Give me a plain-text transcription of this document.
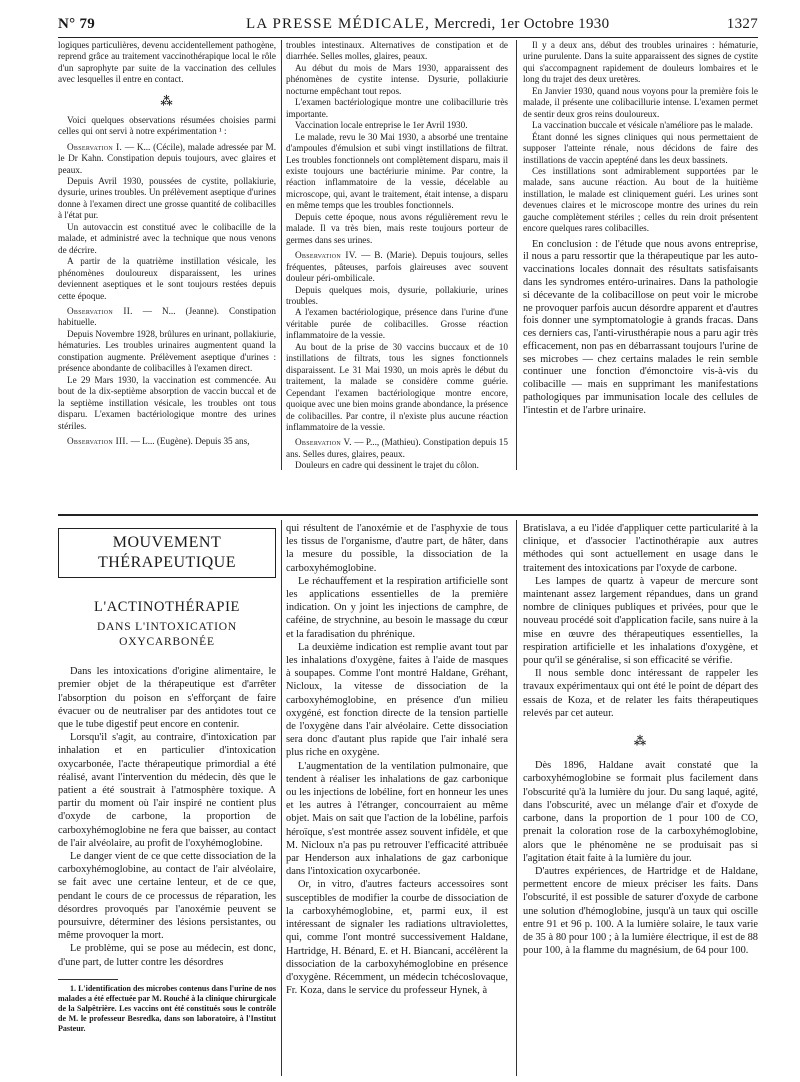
N° 79	LA PRESSE MÉDICALE, Mercredi, 1er Octobre 1930	1327

logiques particulières, devenu accidentellement pathogène, reprend grâce au traitement vaccinothérapique local le rôle d'un saprophyte par suite de la vaccination des cellules avec lesquelles il entre en contact.

⁂

Voici quelques observations résumées choisies parmi celles qui ont servi à notre expérimentation ¹ :

Observation I. — K... (Cécile), malade adressée par M. le Dr Kahn. Constipation depuis toujours, avec glaires et peaux.

Depuis Avril 1930, poussées de cystite, pollakiurie, dysurie, urines troubles. Un prélèvement aseptique d'urines donne à l'examen direct une grosse quantité de colibacilles à l'état pur.

Un autovaccin est constitué avec le colibacille de la malade, et administré avec la technique que nous venons de décrire.

A partir de la quatrième instillation vésicale, les phénomènes douloureux disparaissent, les urines deviennent aseptiques et le sont toujours restées depuis cette époque.

Observation II. — N... (Jeanne). Constipation habituelle.

Depuis Novembre 1928, brûlures en urinant, pollakiurie, hématuries. Les troubles urinaires augmentent quand la constipation augmente. Prélèvement aseptique d'urines : présence abondante de colibacilles à l'examen direct.

Le 29 Mars 1930, la vaccination est commencée. Au bout de la dix-septième absorption de vaccin buccal et de la septième instillation vésicale, les troubles ont tous disparu. L'examen bactériologique montre des urines stériles.

Observation III. — L... (Eugène). Depuis 35 ans,

troubles intestinaux. Alternatives de constipation et de diarrhée. Selles molles, glaires, peaux.

Au début du mois de Mars 1930, apparaissent des phénomènes de cystite intense. Dysurie, pollakiurie nocturne empêchant tout repos.

L'examen bactériologique montre une colibacillurie très importante.

Vaccination locale entreprise le 1er Avril 1930.

Le malade, revu le 30 Mai 1930, a absorbé une trentaine d'ampoules d'émulsion et subi vingt instillations de filtrat. Les troubles fonctionnels ont complètement disparu, mais il existe toujours une bactériurie minime. Par contre, la réaction inflammatoire de la vessie, décelable au microscope, qui, avant le traitement, était intense, a disparu en même temps que les troubles fonctionnels.

Depuis cette époque, nous avons régulièrement revu le malade. Il va très bien, mais reste toujours porteur de germes dans ses urines.

Observation IV. — B. (Marie). Depuis toujours, selles fréquentes, pâteuses, parfois glaireuses avec souvent douleur péri-ombilicale.

Depuis quelques mois, dysurie, pollakiurie, urines troubles.

A l'examen bactériologique, présence dans l'urine d'une véritable purée de colibacilles. Grosse réaction inflammatoire de la vessie.

Au bout de la prise de 30 vaccins buccaux et de 10 instillations de filtrats, tous les signes fonctionnels disparaissent. Le 31 Mai 1930, un mois après le début du traitement, la malade se considère comme guérie. Cependant l'examen bactériologique montre encore, quoique avec une bien moins grande abondance, la présence de colibacilles. Par contre, il n'existe plus aucune réaction inflammatoire de la vessie.

Observation V. — P..., (Mathieu). Constipation depuis 15 ans. Selles dures, glaires, peaux.

Douleurs en cadre qui dessinent le trajet du côlon.

Il y a deux ans, début des troubles urinaires : hématurie, urine purulente. Dans la suite apparaissent des signes de cystite qui s'accompagnent rapidement de douleurs lombaires et le long du trajet des deux uretères.

En Janvier 1930, quand nous voyons pour la première fois le malade, il présente une colibacillurie intense. L'examen permet de sentir deux gros reins douloureux.

La vaccination buccale et vésicale n'améliore pas le malade.

Étant donné les signes cliniques qui nous permettaient de supposer l'atteinte rénale, nous décidons de faire des instillations de vaccin apepténé dans les deux bassinets.

Ces instillations sont admirablement supportées par le malade, sans aucune réaction. Au bout de la huitième instillation, le malade est cliniquement guéri. Les urines sont devenues claires et le microscope montre des urines du rein gauche complètement stériles ; celles du rein droit présentent encore quelques rares colibacilles.

En conclusion : de l'étude que nous avons entreprise, il nous a paru ressortir que la thérapeutique par les auto-vaccinations locales donnait des résultats satisfaisants dans les syndromes entéro-urinaires. Dans la pathologie si décevante de la colibacillose on peut voir le microbe ne provoquer parfois aucun désordre apparent et d'autres fois donner une symptomatologie à grands fracas. Dans ces derniers cas, l'anti-virusthérapie nous a paru agir très efficacement, non pas en débarrassant toujours l'urine de ses microbes — chez certains malades le rein semble continuer une fonction d'émonctoire vis-à-vis du colibacille — mais en supprimant les manifestations pathologiques par immunisation locale des cellules de l'intestin et de l'arbre urinaire.

MOUVEMENT THÉRAPEUTIQUE
L'ACTINOTHÉRAPIE
DANS L'INTOXICATION OXYCARBONÉE

Dans les intoxications d'origine alimentaire, le premier objet de la thérapeutique est d'arrêter l'absorption du poison en s'efforçant de faire évacuer ou de neutraliser par des antidotes tout ce que le tube digestif peut encore en contenir.

Lorsqu'il s'agit, au contraire, d'intoxication par inhalation et en particulier d'intoxication oxycarbonée, l'acte thérapeutique primordial a été réalisé, avant l'intervention du médecin, dès que le patient a été soustrait à l'atmosphère toxique. A partir du moment où l'air inspiré ne contient plus d'oxyde de carbone, la proportion de carboxyhémoglobine ne fera que baisser, au contact de l'air alvéolaire, au profit de l'oxyhémoglobine.

Le danger vient de ce que cette dissociation de la carboxyhémoglobine, au contact de l'air alvéolaire, se fait avec une certaine lenteur, et de ce que, pendant le cours de ce processus de réparation, les désordres provoqués par l'anoxémie peuvent se poursuivre, déterminer des lésions persistantes, ou même provoquer la mort.

Le problème, qui se pose au médecin, est donc, d'une part, de lutter contre les désordres

1. L'identification des microbes contenus dans l'urine de nos malades a été effectuée par M. Rouché à la clinique chirurgicale de la Salpêtrière. Les vaccins ont été constitués sous le contrôle de M. le professeur Besredka, dans son laboratoire, à l'Institut Pasteur.

qui résultent de l'anoxémie et de l'asphyxie de tous les tissus de l'organisme, d'autre part, de hâter, dans la mesure du possible, la dissociation de la carboxyhémoglobine.

Le réchauffement et la respiration artificielle sont les applications essentielles de la première indication. On y joint les injections de camphre, de caféine, de strychnine, au besoin le massage du cœur et la faradisation du phrénique.

La deuxième indication est remplie avant tout par les inhalations d'oxygène, faites à l'aide de masques à soupapes. Comme l'ont montré Haldane, Gréhant, Nicloux, la vitesse de dissociation de la carboxyhémoglobine, en présence d'un milieu oxygéné, est fonction directe de la tension partielle de l'oxygène dans l'air alvéolaire. Cette dissociation sera donc d'autant plus rapide que l'air inhalé sera plus riche en oxygène.

L'augmentation de la ventilation pulmonaire, que tendent à réaliser les inhalations de gaz carbonique ou les injections de lobéline, fort en honneur les unes et les autres à l'étranger, concourraient au même objet. Mais on sait que l'action de la lobéline, parfois héroïque, s'est montrée assez souvent infidèle, et que M. Nicloux n'a pas pu retrouver l'efficacité attribuée par Henderson aux inhalations de gaz carbonique dans l'intoxication oxycarbonée.

Or, in vitro, d'autres facteurs accessoires sont susceptibles de modifier la courbe de dissociation de la carboxyhémoglobine, et, parmi eux, il est intéressant de signaler les radiations ultraviolettes, qui, comme l'ont montré successivement Haldane, Hartridge, H. Bénard, E. et H. Biancani, accélèrent la dissociation de la carboxyhémoglobine en présence d'oxygène. Récemment, un médecin tchécoslovaque, Fr. Koza, dans le service du professeur Hynek, à

Bratislava, a eu l'idée d'appliquer cette particularité à la clinique, et d'associer l'actinothérapie aux autres méthodes qui sont actuellement en usage dans le traitement des intoxications par l'oxyde de carbone.

Les lampes de quartz à vapeur de mercure sont maintenant assez largement répandues, dans un grand nombre de cliniques publiques et privées, pour que le nouveau procédé soit d'application facile, sans nuire à la mise en œuvre des thérapeutiques essentielles, la respiration artificielle et les inhalations d'oxygène, et pour qu'il se généralise, si son efficacité se vérifie.

Il nous semble donc intéressant de rappeler les travaux expérimentaux qui ont été le point de départ des essais de Koza, et de relater les faits thérapeutiques relevés par cet auteur.

⁂

Dès 1896, Haldane avait constaté que la carboxyhémoglobine se formait plus facilement dans l'obscurité qu'à la lumière du jour. Du sang laqué, agité, dans l'obscurité, avec un mélange d'air et d'oxyde de carbone, dans la proportion de 1 pour 100 de CO, prenait la coloration rose de la carboxyhémoglobine, alors que le phénomène ne se produisait pas si l'agitation était faite à la lumière du jour.

D'autres expériences, de Hartridge et de Haldane, permettent encore de mieux préciser les faits. Dans l'obscurité, il est possible de saturer d'oxyde de carbone une solution d'hémoglobine, jusqu'à un taux qui oscille entre 91 et 96 p. 100. A la lumière solaire, le taux varie de 35 à 80 pour 100 ; à la lumière électrique, il est de 88 pour 100, à la flamme du magnésium, de 64 pour 100.
